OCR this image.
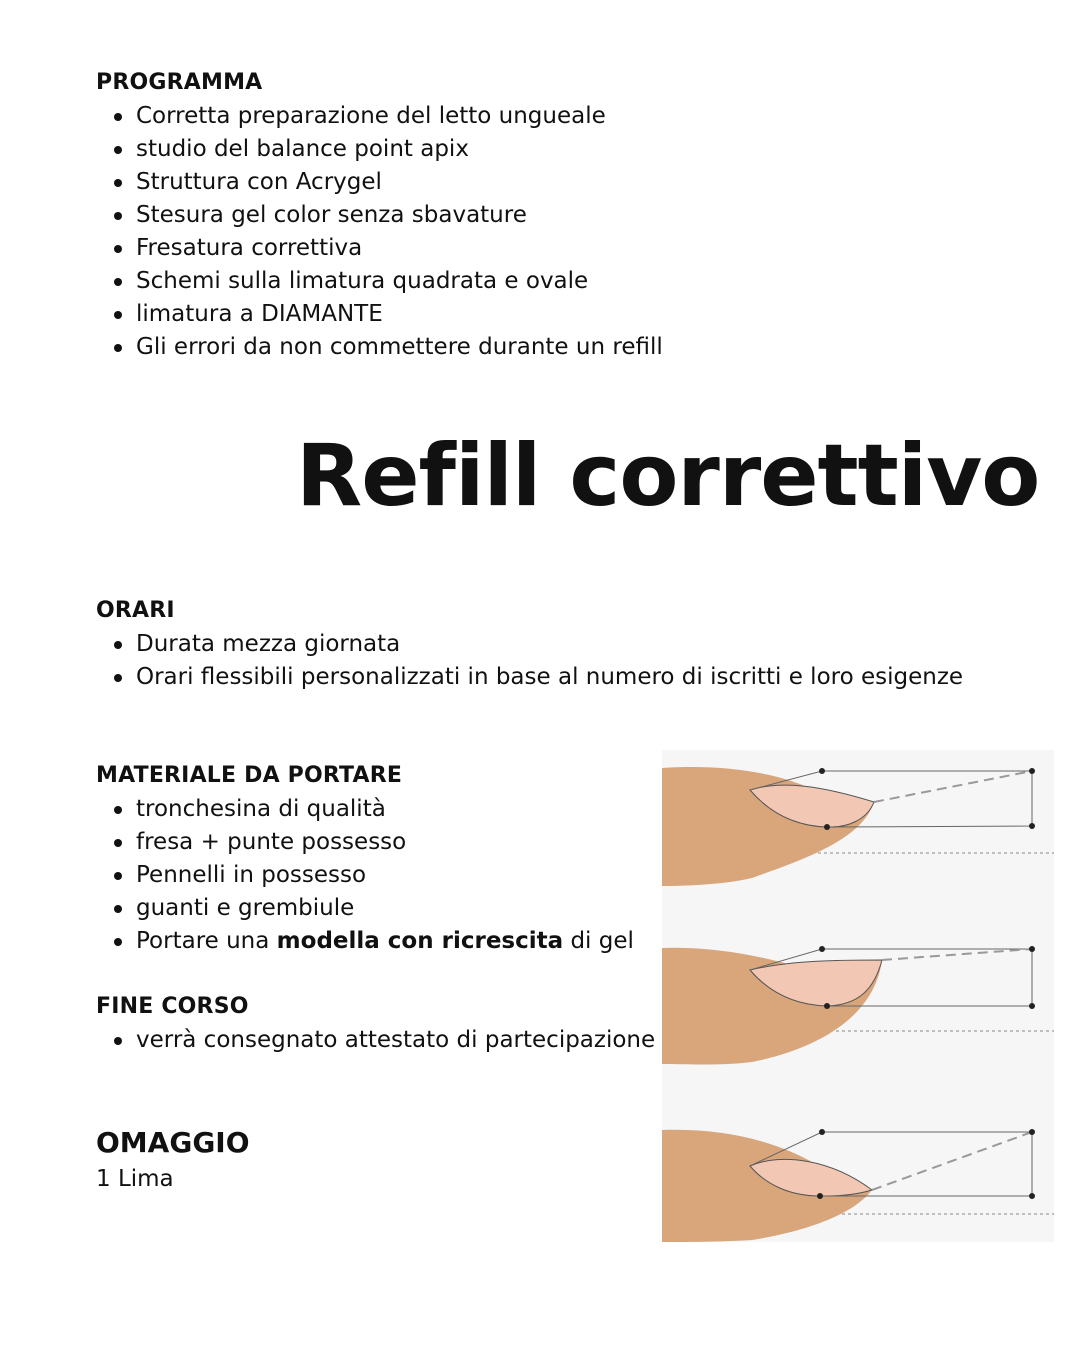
PROGRAMMA

Corretta preparazione del letto ungueale
studio del balance point apix
Struttura con Acrygel
Stesura gel color senza sbavature
Fresatura correttiva
Schemi sulla limatura quadrata e ovale
limatura a DIAMANTE
Gli errori da non commettere durante un refill
Refill correttivo

ORARI

Durata mezza giornata
Orari flessibili personalizzati in base al numero di iscritti e loro esigenze

MATERIALE DA PORTARE

tronchesina di qualità
fresa + punte possesso
Pennelli in possesso
guanti e grembiule
Portare una modella con ricrescita di gel

FINE CORSO

verrà consegnato attestato di partecipazione

OMAGGIO

1 Lima
